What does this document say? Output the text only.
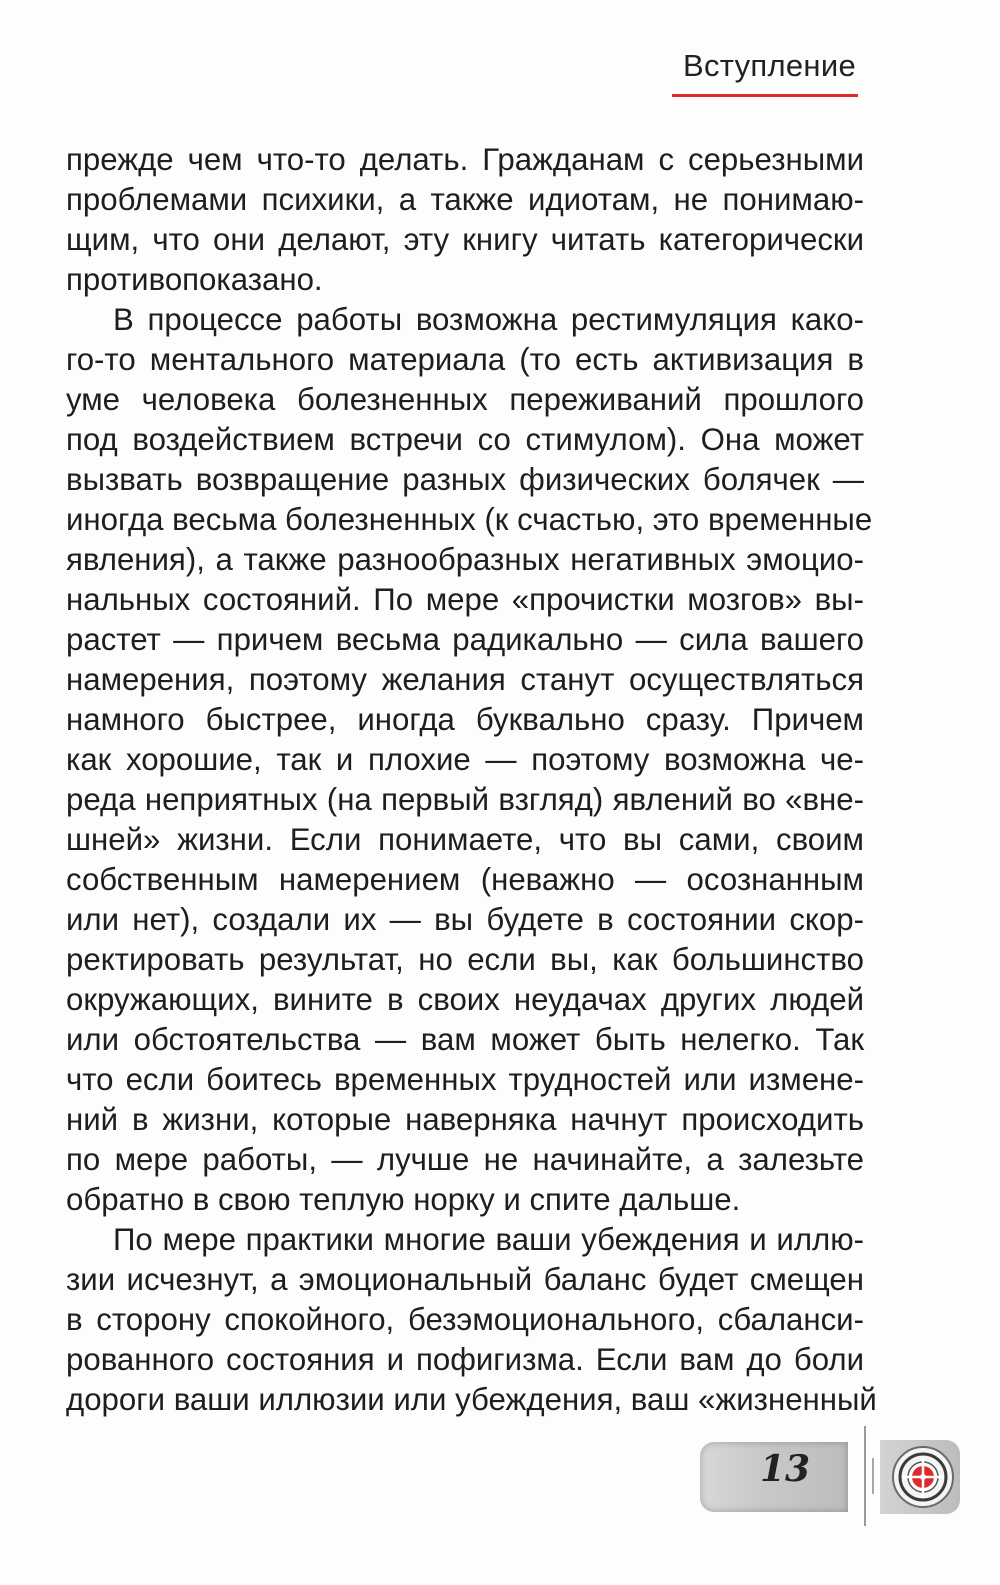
Вступление
прежде чем что-то делать. Гражданам с серьезными
проблемами психики, а также идиотам, не понимаю-
щим, что они делают, эту книгу читать категорически
противопоказано.
В процессе работы возможна рестимуляция како-
го-то ментального материала (то есть активизация в
уме человека болезненных переживаний прошлого
под воздействием встречи со стимулом). Она может
вызвать возвращение разных физических болячек —
иногда весьма болезненных (к счастью, это временные
явления), а также разнообразных негативных эмоцио-
нальных состояний. По мере «прочистки мозгов» вы-
растет — причем весьма радикально — сила вашего
намерения, поэтому желания станут осуществляться
намного быстрее, иногда буквально сразу. Причем
как хорошие, так и плохие — поэтому возможна че-
реда неприятных (на первый взгляд) явлений во «вне-
шней» жизни. Если понимаете, что вы сами, своим
собственным намерением (неважно — осознанным
или нет), создали их — вы будете в состоянии скор-
ректировать результат, но если вы, как большинство
окружающих, вините в своих неудачах других людей
или обстоятельства — вам может быть нелегко. Так
что если боитесь временных трудностей или измене-
ний в жизни, которые наверняка начнут происходить
по мере работы, — лучше не начинайте, а залезьте
обратно в свою теплую норку и спите дальше.
По мере практики многие ваши убеждения и иллю-
зии исчезнут, а эмоциональный баланс будет смещен
в сторону спокойного, безэмоционального, сбаланси-
рованного состояния и пофигизма. Если вам до боли
дороги ваши иллюзии или убеждения, ваш «жизненный
13
